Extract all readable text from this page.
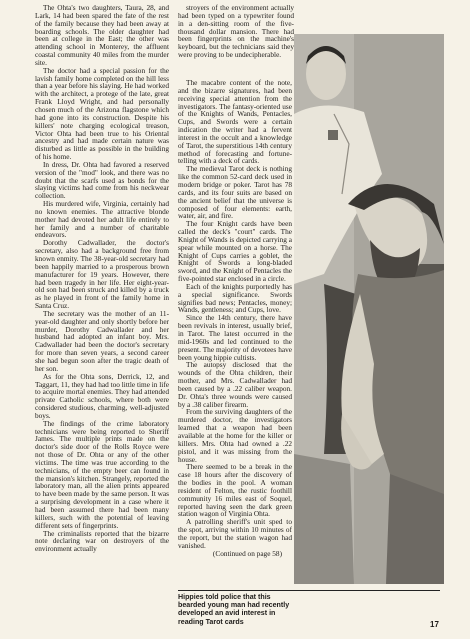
The Ohta's two daughters, Taura, 28, and Lark, 14 had been spared the fate of the rest of the family because they had been away at boarding schools. The older daughter had been at college in the East; the other was attending school in Monterey, the affluent coastal community 40 miles from the murder site.

The doctor had a special passion for the lavish family home completed on the hill less than a year before his slaying. He had worked with the architect, a protege of the late, great Frank Lloyd Wright, and had personally chosen much of the Arizona flagstone which had gone into its construction. Despite his killers' note charging ecological treason, Victor Ohta had been true to his Oriental ancestry and had made certain nature was disturbed as little as possible in the building of his home.

In dress, Dr. Ohta had favored a reserved version of the "mod" look, and there was no doubt that the scarfs used as bonds for the slaying victims had come from his neckwear collection.

His murdered wife, Virginia, certainly had no known enemies. The attractive blonde mother had devoted her adult life entirely to her family and a number of charitable endeavors.

Dorothy Cadwallader, the doctor's secretary, also had a background free from known enmity. The 38-year-old secretary had been happily married to a prosperous brown manufacturer for 19 years. However, there had been tragedy in her life. Her eight-year-old son had been struck and killed by a truck as he played in front of the family home in Santa Cruz.

The secretary was the mother of an 11-year-old daughter and only shortly before her murder, Dorothy Cadwallader and her husband had adopted an infant boy. Mrs. Cadwallader had been the doctor's secretary for more than seven years, a second career she had begun soon after the tragic death of her son.

As for the Ohta sons, Derrick, 12, and Taggart, 11, they had had too little time in life to acquire mortal enemies. They had attended private Catholic schools, where both were considered studious, charming, well-adjusted boys.

The findings of the crime laboratory technicians were being reported to Sheriff James. The multiple prints made on the doctor's side door of the Rolls Royce were not those of Dr. Ohta or any of the other victims. The time was true according to the technicians, of the empty beer can found in the mansion's kitchen. Strangely, reported the laboratory man, all the alien prints appeared to have been made by the same person. It was a surprising development in a case where it had been assumed there had been many killers, such with the potential of leaving different sets of fingerprints.

The criminalists reported that the bizarre note declaring war on destroyers of the environment actually

stroyers of the environment actually had been typed on a typewriter found in a den-sitting room of the five-thousand dollar mansion. There had been fingerprints on the machine's keyboard, but the technicians said they were proving to be undecipherable.

The macabre content of the note, and the bizarre signatures, had been receiving special attention from the investigators. The fantasy-oriented use of the Knights of Wands, Pentacles, Cups, and Swords were a certain indication the writer had a fervent interest in the occult and a knowledge of Tarot, the superstitious 14th century method of forecasting and fortune-telling with a deck of cards.

The medieval Tarot deck is nothing like the common 52-card deck used in modern bridge or poker. Tarot has 78 cards, and its four suits are based on the ancient belief that the universe is composed of four elements: earth, water, air, and fire.

The four Knight cards have been called the deck's "court" cards. The Knight of Wands is depicted carrying a spear while mounted on a horse. The Knight of Cups carries a goblet, the Knight of Swords a long-bladed sword, and the Knight of Pentacles the five-pointed star enclosed in a circle.

Each of the knights purportedly has a special significance. Swords signifies bad news; Pentacles, money; Wands, gentleness; and Cups, love.

Since the 14th century, there have been revivals in interest, usually brief, in Tarot. The latest occurred in the mid-1960s and led continued to the present. The majority of devotees have been young hippie cultists.

The autopsy disclosed that the wounds of the Ohta children, their mother, and Mrs. Cadwallader had been caused by a .22 caliber weapon. Dr. Ohta's three wounds were caused by a .38 caliber firearm.

From the surviving daughters of the murdered doctor, the investigators learned that a weapon had been available at the home for the killer or killers. Mrs. Ohta had owned a .22 pistol, and it was missing from the house.

There seemed to be a break in the case 18 hours after the discovery of the bodies in the pool. A woman resident of Felton, the rustic foothill community 16 miles east of Soquel, reported having seen the dark green station wagon of Virginia Ohta.

A patrolling sheriff's unit sped to the spot, arriving within 10 minutes of the report, but the station wagon had vanished.

(Continued on page 58)

Hippies told police that this bearded young man had recently developed an avid interest in reading Tarot cards	17
